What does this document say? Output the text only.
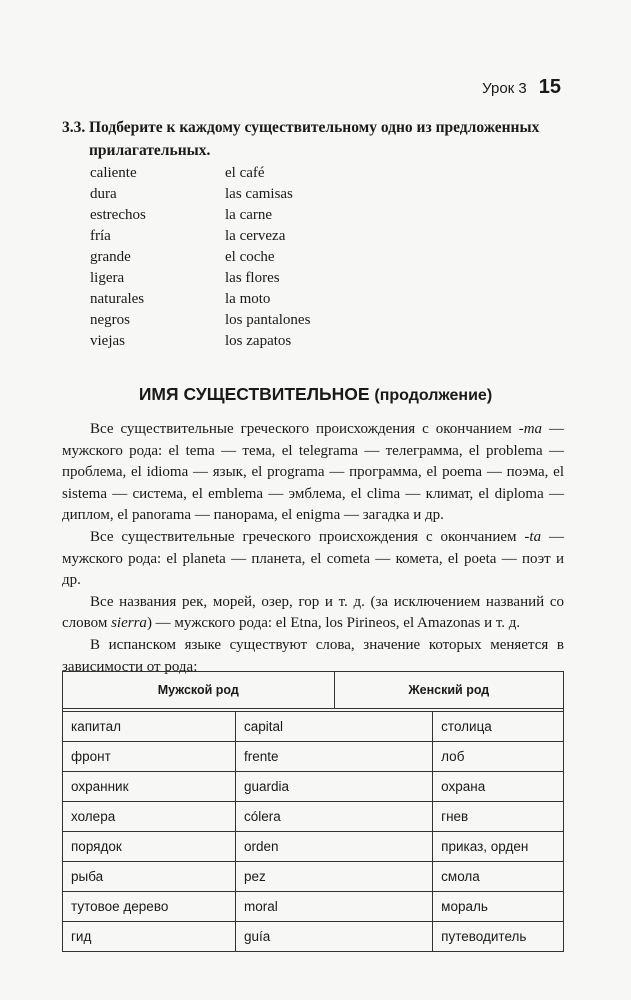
Урок 3 15
3.3. Подберите к каждому существительному одно из предложенных прилагательных.
caliente	el café
dura	las camisas
estrechos	la carne
fría	la cerveza
grande	el coche
ligera	las flores
naturales	la moto
negros	los pantalones
viejas	los zapatos
ИМЯ СУЩЕСТВИТЕЛЬНОЕ (продолжение)

Все существительные греческого происхождения с окончанием -ma — мужского рода: el tema — тема, el telegrama — телеграмма, el problema — проблема, el idioma — язык, el programa — программа, el poema — поэма, el sistema — система, el emblema — эмблема, el clima — климат, el diploma — диплом, el panorama — панорама, el enigma — загадка и др.

Все существительные греческого происхождения с окончанием -ta — мужского рода: el planeta — планета, el cometa — комета, el poeta — поэт и др.

Все названия рек, морей, озер, гор и т. д. (за исключением названий со словом sierra) — мужского рода: el Etna, los Pirineos, el Amazonas и т. д.

В испанском языке существуют слова, значение которых меняется в зависимости от рода:

Мужской род		Женский род	

капитал	capital		столица
фронт	frente		лоб
охранник	guardia		охрана
холера	cólera		гнев
порядок	orden		приказ, орден
рыба	pez		смола
тутовое дерево	moral		мораль
гид	guía		путеводитель
